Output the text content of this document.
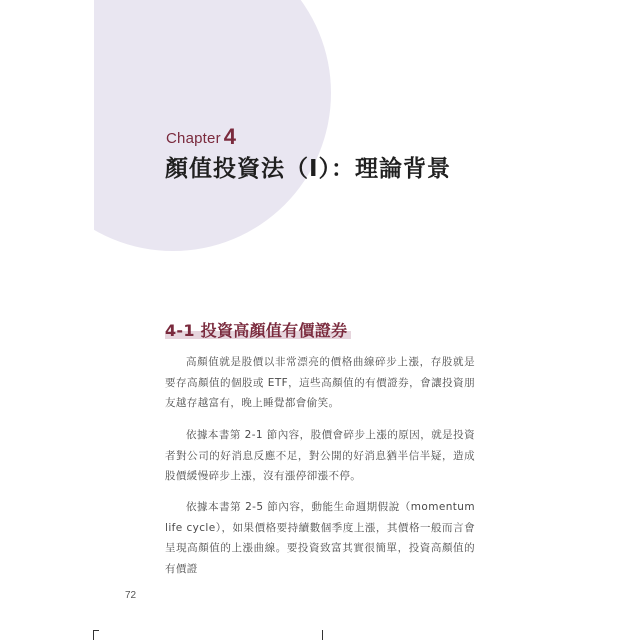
Chapter 4
顏值投資法（I）：理論背景
4-1 投資高顏值有價證券

高顏值就是股價以非常漂亮的價格曲線碎步上漲，存股就是要存高顏值的個股或 ETF，這些高顏值的有價證券，會讓投資朋友越存越富有，晚上睡覺都會偷笑。

依據本書第 2-1 節內容，股價會碎步上漲的原因，就是投資者對公司的好消息反應不足，對公開的好消息猶半信半疑，造成股價緩慢碎步上漲，沒有漲停卻漲不停。

依據本書第 2-5 節內容，動能生命週期假說（momentum life cycle），如果價格要持續數個季度上漲，其價格一般而言會呈現高顏值的上漲曲線。要投資致富其實很簡單，投資高顏值的有價證

72
